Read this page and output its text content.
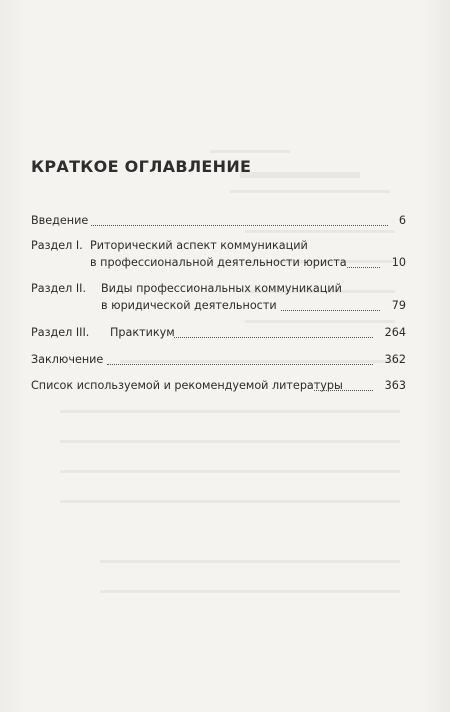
КРАТКОЕ ОГЛАВЛЕНИЕ
Введение	6
Раздел I. Риторический аспект коммуникаций
в профессиональной деятельности юриста	10
Раздел II. Виды профессиональных коммуникаций
в юридической деятельности	79
Раздел III. Практикум	264
Заключение	362
Список используемой и рекомендуемой литературы	363
